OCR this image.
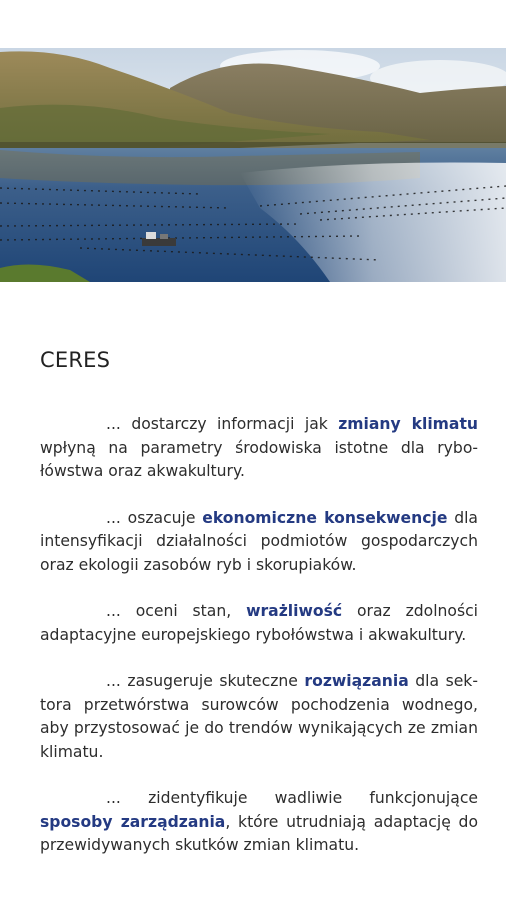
CERES

... dostarczy informacji jak zmiany klimatu wpłyną na parametry środowiska istotne dla rybołówstwa oraz akwakultury.

... oszacuje ekonomiczne konsekwencje dla intensyfikacji działalności podmiotów gospodarczych oraz ekologii zasobów ryb i skorupiaków.

... oceni stan, wrażliwość oraz zdolności adaptacyjne europejskiego rybołówstwa i akwakultury.

... zasugeruje skuteczne rozwiązania dla sektora przetwórstwa surowców pochodzenia wodnego, aby przystosować je do trendów wynikających ze zmian klimatu.

... zidentyfikuje wadliwie funkcjonujące sposoby zarządzania, które utrudniają adaptację do przewidywanych skutków zmian klimatu.
